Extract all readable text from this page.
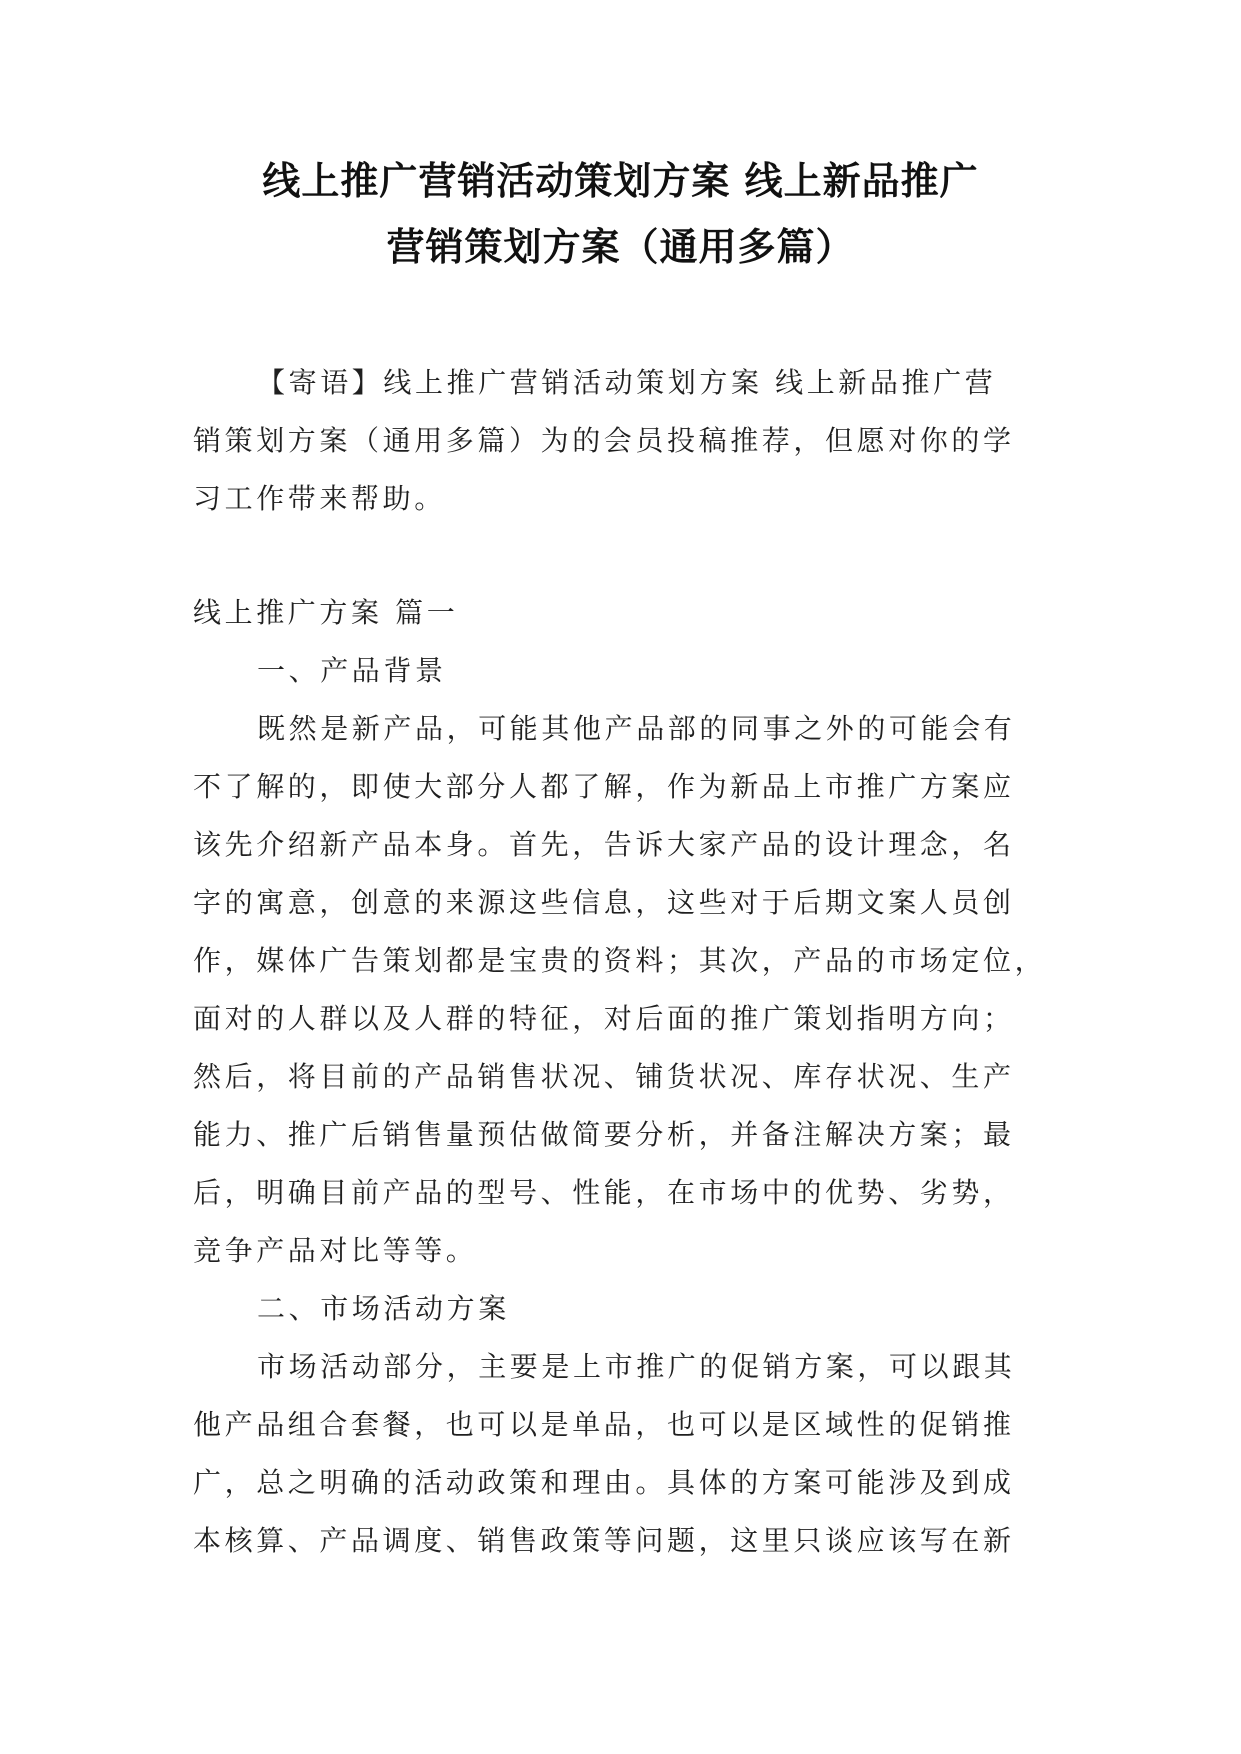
线上推广营销活动策划方案 线上新品推广
营销策划方案（通用多篇）
【寄语】线上推广营销活动策划方案 线上新品推广营
销策划方案（通用多篇）为的会员投稿推荐，但愿对你的学
习工作带来帮助。
线上推广方案 篇一
一、产品背景
既然是新产品，可能其他产品部的同事之外的可能会有
不了解的，即使大部分人都了解，作为新品上市推广方案应
该先介绍新产品本身。首先，告诉大家产品的设计理念，名
字的寓意，创意的来源这些信息，这些对于后期文案人员创
作，媒体广告策划都是宝贵的资料；其次，产品的市场定位，
面对的人群以及人群的特征，对后面的推广策划指明方向；
然后，将目前的产品销售状况、铺货状况、库存状况、生产
能力、推广后销售量预估做简要分析，并备注解决方案；最
后，明确目前产品的型号、性能，在市场中的优势、劣势，
竞争产品对比等等。
二、市场活动方案
市场活动部分，主要是上市推广的促销方案，可以跟其
他产品组合套餐，也可以是单品，也可以是区域性的促销推
广，总之明确的活动政策和理由。具体的方案可能涉及到成
本核算、产品调度、销售政策等问题，这里只谈应该写在新
